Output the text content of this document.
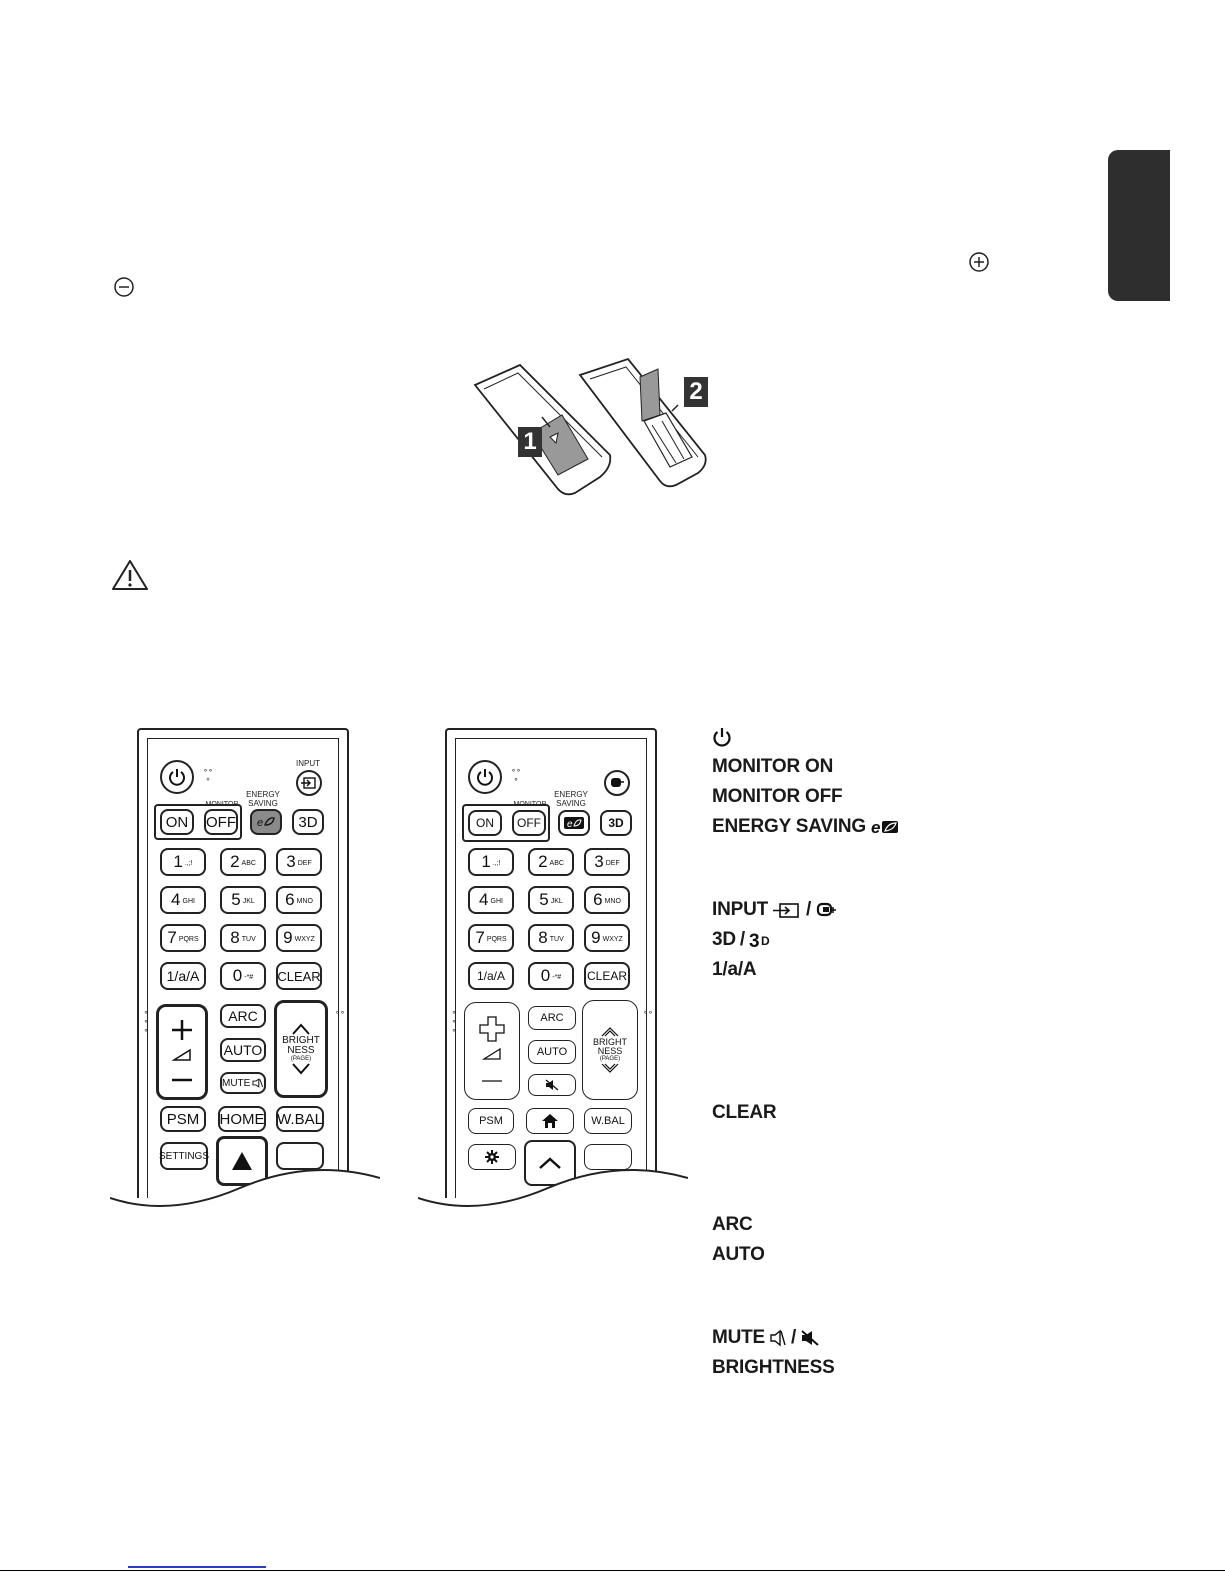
1
2
∘∘
∘
INPUT
MONITOR
ENERGY
SAVING
ON	OFF e	3D
1 .,;! 2 ABC 3 DEF
4 GHI 5 JKL 6 MNO
7 PQRS 8 TUV 9 WXYZ
1/a/A	0 -*# CLEAR
∘
∘
∘
∘∘
ARC
AUTO
MUTE
BRIGHT
NESS
(PAGE)
PSM	HOME W.BAL
SETTINGS
∘∘
∘
MONITOR
ENERGY
SAVING
ON	OFF	e	3D
1 .,;! 2 ABC 3 DEF
4 GHI 5 JKL 6 MNO
7 PQRS 8 TUV 9 WXYZ
1/a/A	0 -*# CLEAR
∘
∘
∘
∘∘
ARC
AUTO
BRIGHT
NESS
(PAGE)
PSM	W.BAL
MONITOR ON
MONITOR OFF
ENERGY SAVING e
INPUT /
3D / 3 D
1/a/A
CLEAR
ARC
AUTO
MUTE /
BRIGHTNESS
